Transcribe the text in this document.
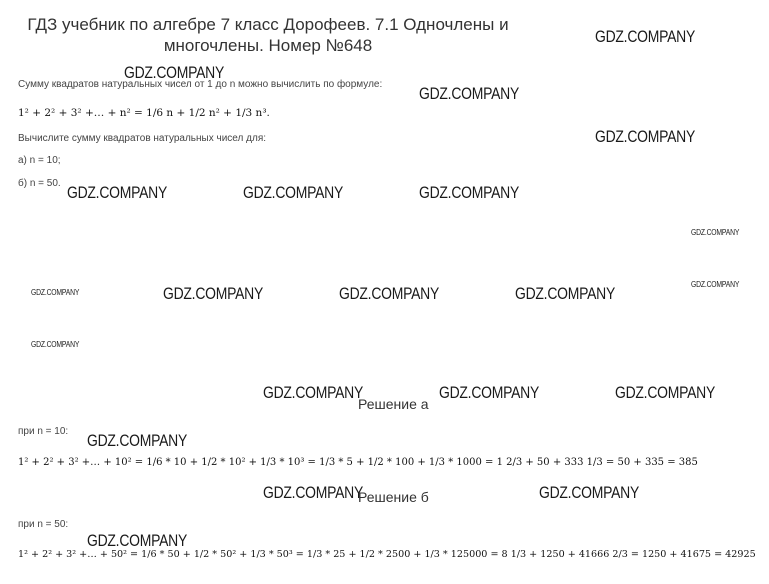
ГДЗ учебник по алгебре 7 класс Дорофеев. 7.1 Одночлены и
многочлены. Номер №648
Сумму квадратов натуральных чисел от 1 до n можно вычислить по формуле:
1² + 2² + 3² +… + n² = 1/6 n + 1/2 n² + 1/3 n³.
Вычислите сумму квадратов натуральных чисел для:
а) n = 10;
б) n = 50.
Решение а
при n = 10:
1² + 2² + 3² +… + 10² = 1/6 * 10 + 1/2 * 10² + 1/3 * 10³ = 1/3 * 5 + 1/2 * 100 + 1/3 * 1000 = 1 2/3 + 50 + 333 1/3 = 50 + 335 = 385
Решение б
при n = 50:
1² + 2² + 3² +… + 50² = 1/6 * 50 + 1/2 * 50² + 1/3 * 50³ = 1/3 * 25 + 1/2 * 2500 + 1/3 * 125000 = 8 1/3 + 1250 + 41666 2/3 = 1250 + 41675 = 42925
GDZ.COMPANY
GDZ.COMPANY
GDZ.COMPANY
GDZ.COMPANY
GDZ.COMPANY	GDZ.COMPANY	GDZ.COMPANY
GDZ.COMPANY
GDZ.COMPANY
GDZ.COMPANY	GDZ.COMPANY	GDZ.COMPANY	GDZ.COMPANY
GDZ.COMPANY
GDZ.COMPANY	GDZ.COMPANY	GDZ.COMPANY
GDZ.COMPANY
GDZ.COMPANY	GDZ.COMPANY
GDZ.COMPANY
